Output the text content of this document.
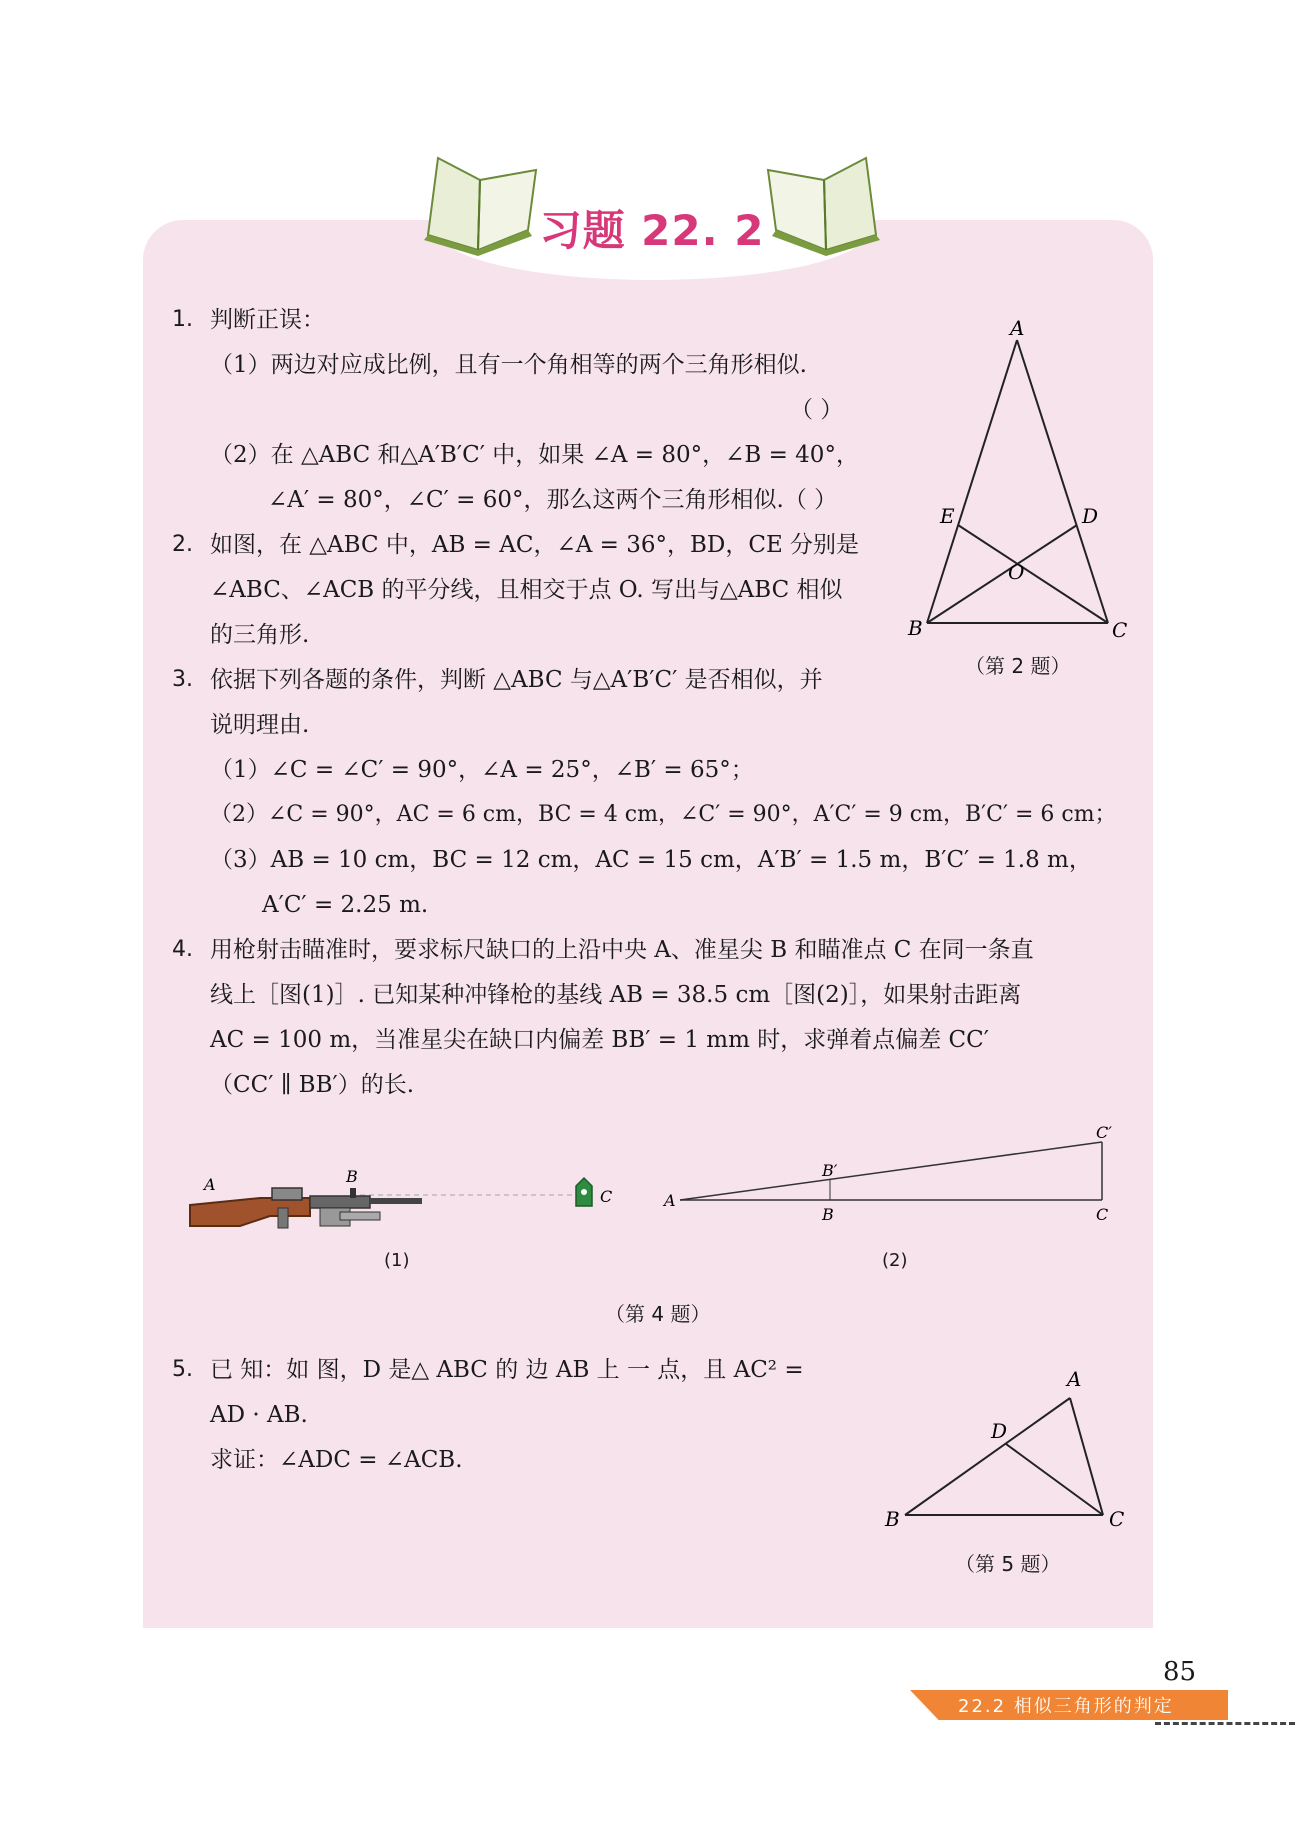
习题 22. 2
1. 判断正误：
（1）两边对应成比例，且有一个角相等的两个三角形相似.
（ ）
（2）在 △ABC 和△A′B′C′ 中，如果 ∠A = 80°，∠B = 40°，
∠A′ = 80°，∠C′ = 60°，那么这两个三角形相似.（ ）
2. 如图，在 △ABC 中，AB = AC，∠A = 36°，BD，CE 分别是
∠ABC、∠ACB 的平分线，且相交于点 O. 写出与△ABC 相似
的三角形.
A
B	C
D
E
O
（第 2 题）
3. 依据下列各题的条件，判断 △ABC 与△A′B′C′ 是否相似，并
说明理由.
（1）∠C = ∠C′ = 90°，∠A = 25°，∠B′ = 65°；
（2）∠C = 90°，AC = 6 cm，BC = 4 cm，∠C′ = 90°，A′C′ = 9 cm，B′C′ = 6 cm；
（3）AB = 10 cm，BC = 12 cm，AC = 15 cm，A′B′ = 1.5 m，B′C′ = 1.8 m，
A′C′ = 2.25 m.
4. 用枪射击瞄准时，要求标尺缺口的上沿中央 A、准星尖 B 和瞄准点 C 在同一条直
线上［图(1)］. 已知某种冲锋枪的基线 AB = 38.5 cm［图(2)］，如果射击距离
AC = 100 m，当准星尖在缺口内偏差 BB′ = 1 mm 时，求弹着点偏差 CC′
（CC′ ∥ BB′）的长.
A	B
C
(1)
A
B′
B
C′
C
(2)
（第 4 题）
5. 已 知：如 图，D 是△ ABC 的 边 AB 上 一 点，且 AC² =
AD · AB.
求证：∠ADC = ∠ACB.
A
B	C
D
（第 5 题）
85
22.2 相似三角形的判定
